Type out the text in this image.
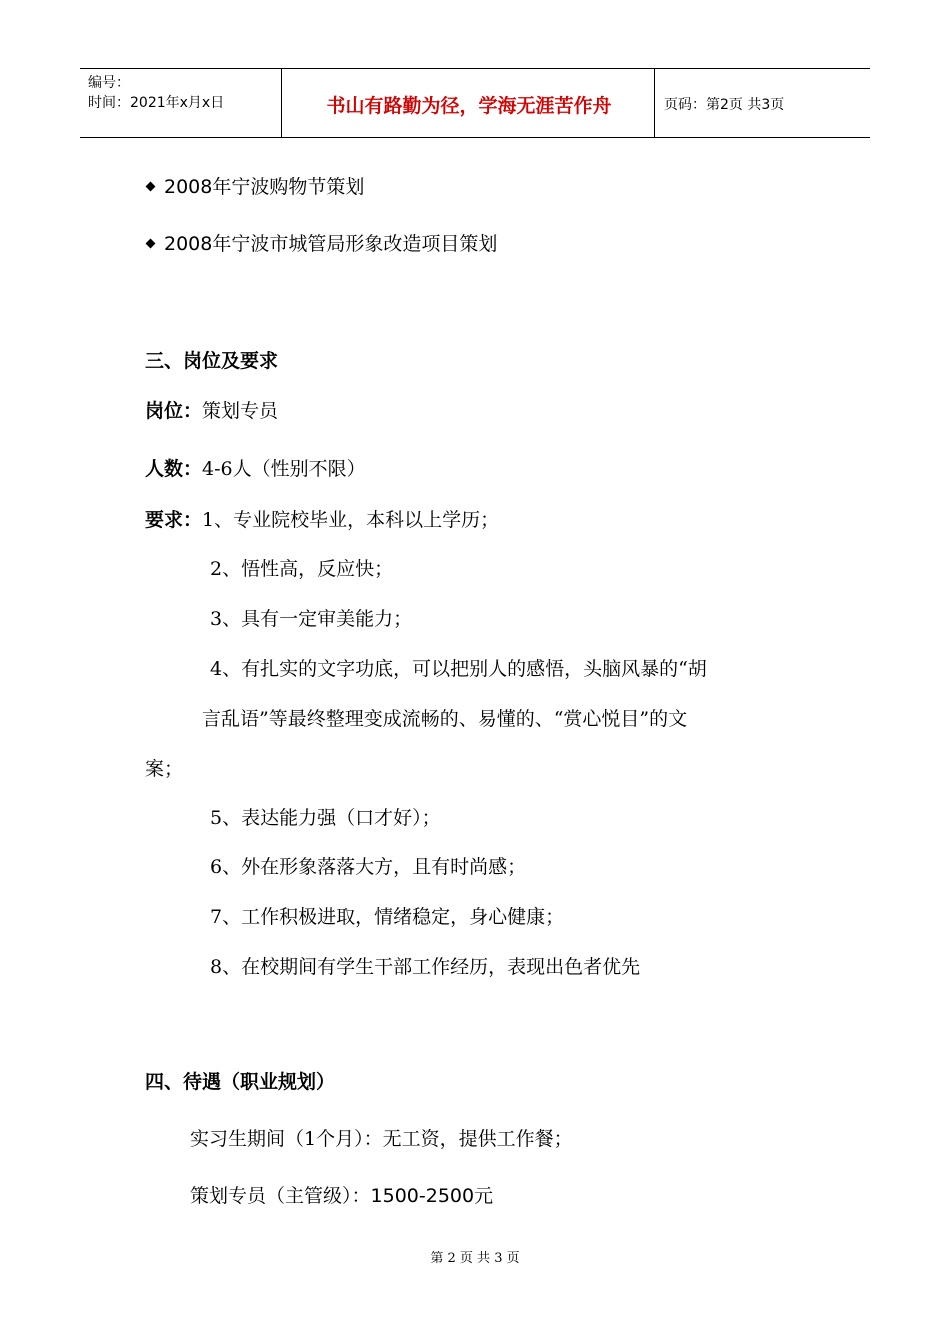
编号：
时间：2021年x月x日	书山有路勤为径，学海无涯苦作舟	页码：第2页 共3页
2008年宁波购物节策划
2008年宁波市城管局形象改造项目策划
三、岗位及要求
岗位：策划专员
人数：4-6人（性别不限）
要求：1、专业院校毕业，本科以上学历；
2、悟性高，反应快；
3、具有一定审美能力；
4、有扎实的文字功底，可以把别人的感悟，头脑风暴的“胡
言乱语”等最终整理变成流畅的、易懂的、“赏心悦目”的文
案；
5、表达能力强（口才好）；
6、外在形象落落大方，且有时尚感；
7、工作积极进取，情绪稳定，身心健康；
8、在校期间有学生干部工作经历，表现出色者优先
四、待遇（职业规划）
实习生期间（1个月）：无工资，提供工作餐；
策划专员（主管级）：1500-2500元
第 2 页 共 3 页
